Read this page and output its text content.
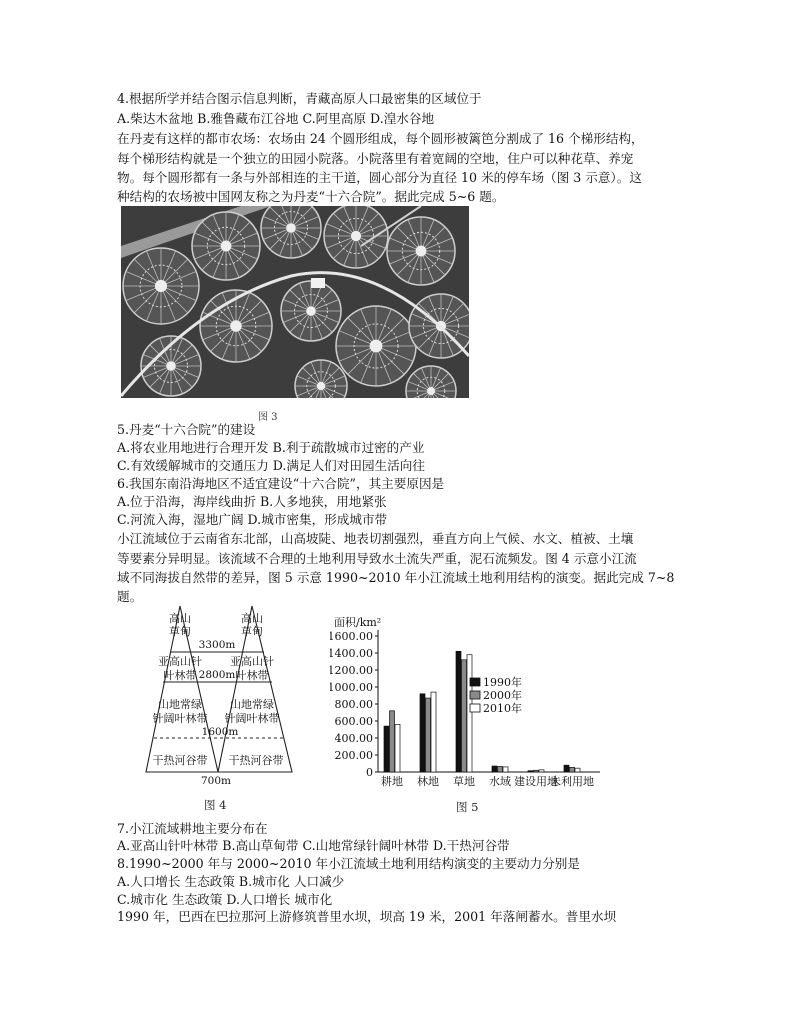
4.根据所学并结合图示信息判断，青藏高原人口最密集的区域位于
A.柴达木盆地 B.雅鲁藏布江谷地 C.阿里高原 D.湟水谷地
在丹麦有这样的都市农场：农场由 24 个圆形组成，每个圆形被篱笆分割成了 16 个梯形结构，
每个梯形结构就是一个独立的田园小院落。小院落里有着宽阔的空地，住户可以种花草、养宠
物。每个圆形都有一条与外部相连的主干道，圆心部分为直径 10 米的停车场（图 3 示意）。这
种结构的农场被中国网友称之为丹麦“十六合院”。据此完成 5~6 题。
图 3
5.丹麦“十六合院”的建设
A.将农业用地进行合理开发 B.利于疏散城市过密的产业
C.有效缓解城市的交通压力 D.满足人们对田园生活向往
6.我国东南沿海地区不适宜建设“十六合院”，其主要原因是
A.位于沿海，海岸线曲折 B.人多地狭，用地紧张
C.河流入海，湿地广阔 D.城市密集，形成城市带
小江流域位于云南省东北部，山高坡陡、地表切割强烈，垂直方向上气候、水文、植被、土壤
等要素分异明显。该流域不合理的土地利用导致水土流失严重，泥石流频发。图 4 示意小江流
域不同海拔自然带的差异，图 5 示意 1990~2010 年小江流域土地利用结构的演变。据此完成 7~8
题。
高山
草甸
亚高山针
叶林带
山地常绿
针阔叶林带
干热河谷带
高山
草甸
亚高山针
叶林带
山地常绿
针阔叶林带
干热河谷带
3300m
2800m
1600m
700m
图 4
面积/km²
0
200.00
400.00
600.00
800.00
1000.00
1200.00
1400.00
1600.00
耕地 林地 草地 水域 建设用地
未利用地
1990年
2000年
2010年
图 5
7.小江流域耕地主要分布在
A.亚高山针叶林带 B.高山草甸带 C.山地常绿针阔叶林带 D.干热河谷带
8.1990~2000 年与 2000~2010 年小江流域土地利用结构演变的主要动力分别是
A.人口增长 生态政策 B.城市化 人口减少
C.城市化 生态政策 D.人口增长 城市化
1990 年，巴西在巴拉那河上游修筑普里水坝，坝高 19 米，2001 年落闸蓄水。普里水坝
